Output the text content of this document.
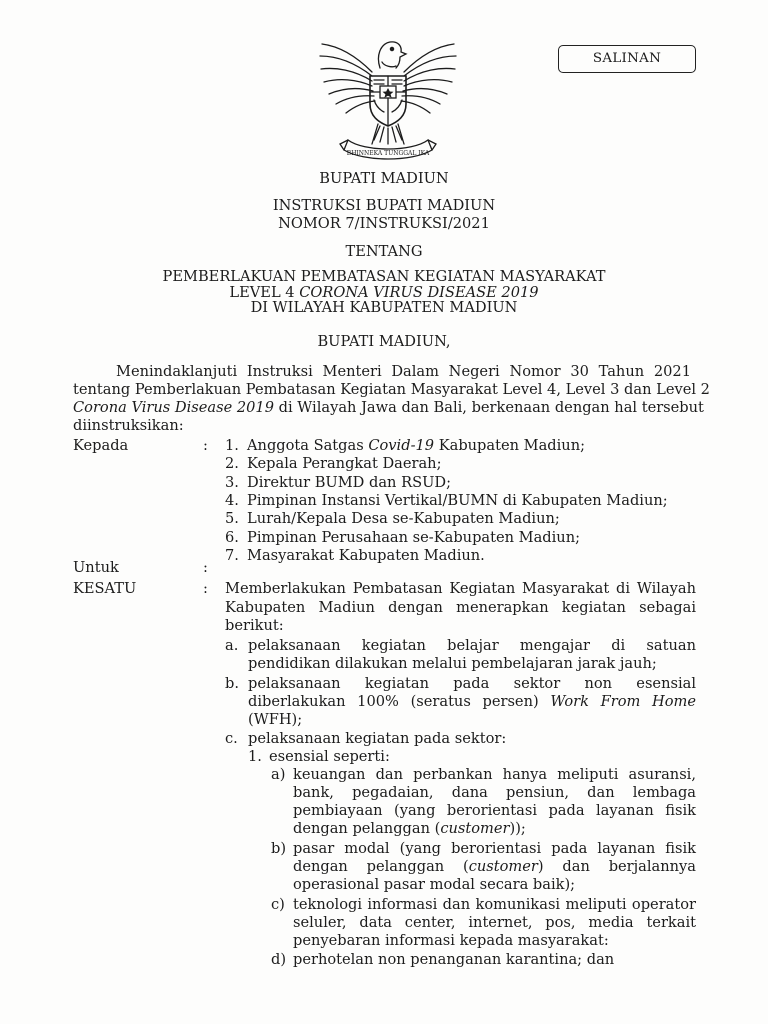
SALINAN
BHINNEKA TUNGGAL IKA
BUPATI MADIUN
INSTRUKSI BUPATI MADIUN
NOMOR 7/INSTRUKSI/2021
TENTANG
PEMBERLAKUAN PEMBATASAN KEGIATAN MASYARAKAT
LEVEL 4 CORONA VIRUS DISEASE 2019
DI WILAYAH KABUPATEN MADIUN
BUPATI MADIUN,
Menindaklanjuti Instruksi Menteri Dalam Negeri Nomor 30 Tahun 2021
tentang Pemberlakuan Pembatasan Kegiatan Masyarakat Level 4, Level 3 dan Level 2
Corona Virus Disease 2019 di Wilayah Jawa dan Bali, berkenaan dengan hal tersebut
diinstruksikan:
Kepada	: 1. Anggota Satgas Covid-19 Kabupaten Madiun;
2. Kepala Perangkat Daerah;
3. Direktur BUMD dan RSUD;
4. Pimpinan Instansi Vertikal/BUMN di Kabupaten Madiun;
5. Lurah/Kepala Desa se-Kabupaten Madiun;
6. Pimpinan Perusahaan se-Kabupaten Madiun;
7. Masyarakat Kabupaten Madiun.
Untuk	:
KESATU	: Memberlakukan Pembatasan Kegiatan Masyarakat di Wilayah
Kabupaten Madiun dengan menerapkan kegiatan sebagai
berikut:
a. pelaksanaan kegiatan belajar mengajar di satuan
pendidikan dilakukan melalui pembelajaran jarak jauh;
b. pelaksanaan kegiatan pada sektor non esensial
diberlakukan 100% (seratus persen) Work From Home
(WFH);
c. pelaksanaan kegiatan pada sektor:
1. esensial seperti:
a) keuangan dan perbankan hanya meliputi asuransi,
bank, pegadaian, dana pensiun, dan lembaga
pembiayaan (yang berorientasi pada layanan fisik
dengan pelanggan (customer));
b) pasar modal (yang berorientasi pada layanan fisik
dengan pelanggan (customer) dan berjalannya
operasional pasar modal secara baik);
c) teknologi informasi dan komunikasi meliputi operator
seluler, data center, internet, pos, media terkait
penyebaran informasi kepada masyarakat:
d) perhotelan non penanganan karantina; dan
